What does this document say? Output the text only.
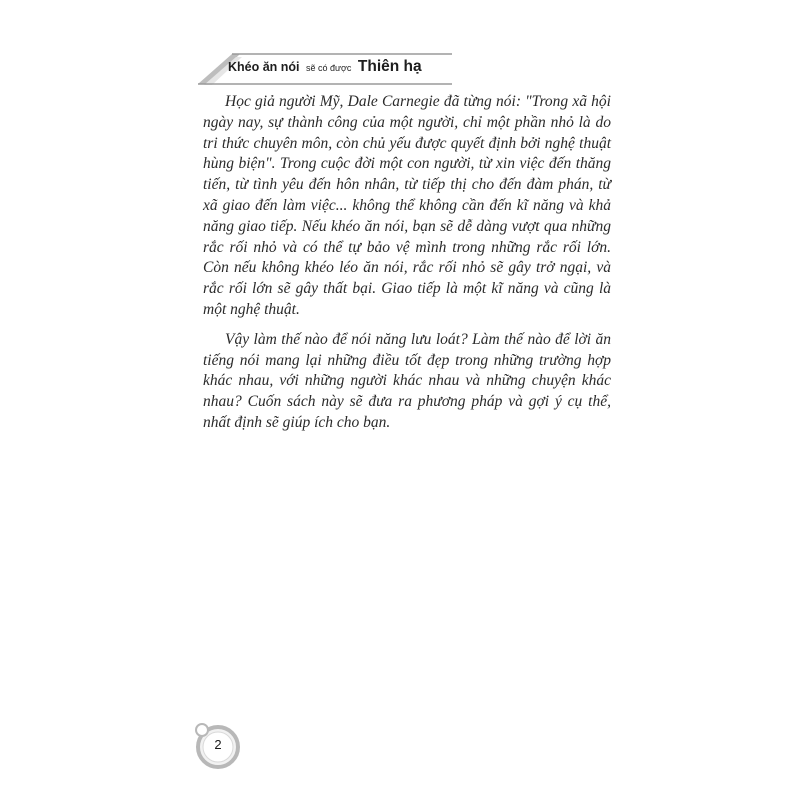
Khéo ăn nói sẽ có được Thiên hạ

Học giả người Mỹ, Dale Carnegie đã từng nói: "Trong xã hội ngày nay, sự thành công của một người, chỉ một phần nhỏ là do tri thức chuyên môn, còn chủ yếu được quyết định bởi nghệ thuật hùng biện". Trong cuộc đời một con người, từ xin việc đến thăng tiến, từ tình yêu đến hôn nhân, từ tiếp thị cho đến đàm phán, từ xã giao đến làm việc... không thể không cần đến kĩ năng và khả năng giao tiếp. Nếu khéo ăn nói, bạn sẽ dễ dàng vượt qua những rắc rối nhỏ và có thể tự bảo vệ mình trong những rắc rối lớn. Còn nếu không khéo léo ăn nói, rắc rối nhỏ sẽ gây trở ngại, và rắc rối lớn sẽ gây thất bại. Giao tiếp là một kĩ năng và cũng là một nghệ thuật.

Vậy làm thế nào để nói năng lưu loát? Làm thế nào để lời ăn tiếng nói mang lại những điều tốt đẹp trong những trường hợp khác nhau, với những người khác nhau và những chuyện khác nhau? Cuốn sách này sẽ đưa ra phương pháp và gợi ý cụ thể, nhất định sẽ giúp ích cho bạn.

2
